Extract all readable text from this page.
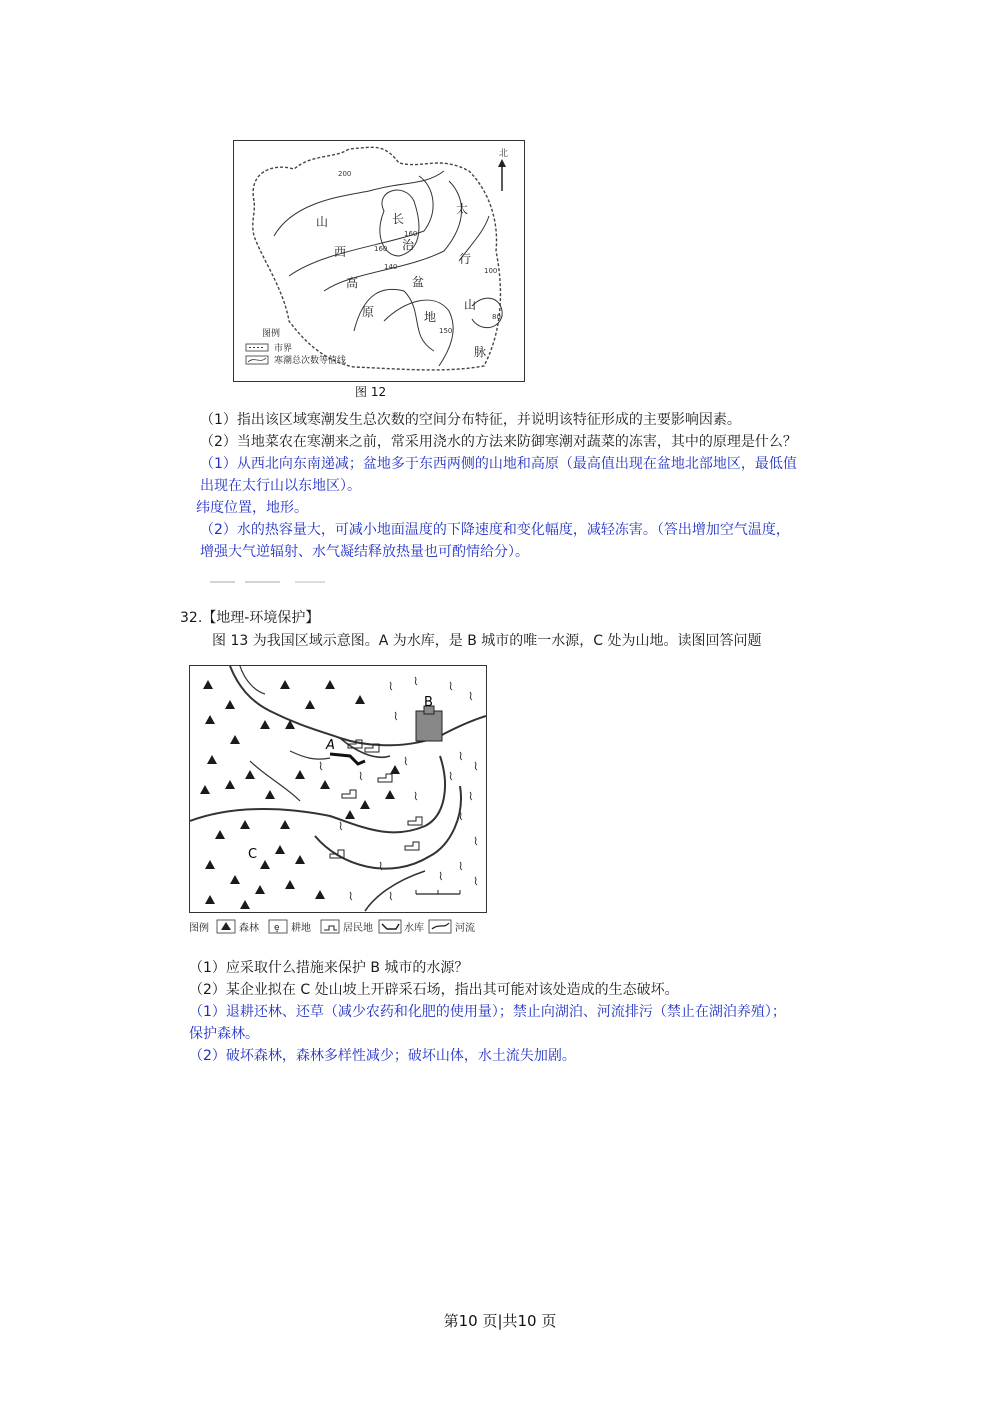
200
160
100
80
140
150
160
山
西
高
原
长
治
盆
地
太
行
山
脉
北
图例
市界
寒潮总次数等值线
图 12
（1）指出该区域寒潮发生总次数的空间分布特征，并说明该特征形成的主要影响因素。
（2）当地菜农在寒潮来之前，常采用浇水的方法来防御寒潮对蔬菜的冻害，其中的原理是什么？
（1）从西北向东南递减；盆地多于东西两侧的山地和高原（最高值出现在盆地北部地区，最低值
出现在太行山以东地区）。
纬度位置，地形。
（2）水的热容量大，可减小地面温度的下降速度和变化幅度，减轻冻害。（答出增加空气温度，
增强大气逆辐射、水气凝结释放热量也可酌情给分）。
32.【地理-环境保护】
图 13 为我国区域示意图。A 为水库，是 B 城市的唯一水源，C 处为山地。读图回答问题
A
B
C
图例	森林 ȩ 耕地	居民地	水库	河流
（1）应采取什么措施来保护 B 城市的水源？
（2）某企业拟在 C 处山坡上开辟采石场，指出其可能对该处造成的生态破坏。
（1）退耕还林、还草（减少农药和化肥的使用量）；禁止向湖泊、河流排污（禁止在湖泊养殖）；
保护森林。
（2）破坏森林，森林多样性减少；破坏山体，水土流失加剧。
第10 页|共10 页
